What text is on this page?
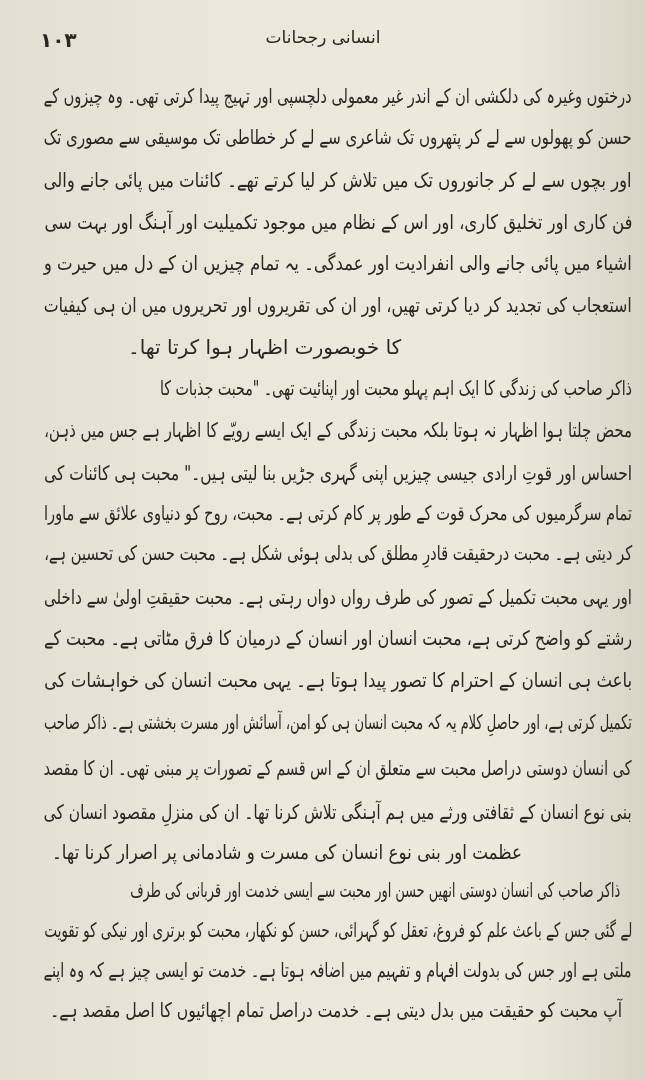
۱۰۳	انسانی رجحانات
درختوں وغیرہ کی دلکشی ان کے اندر غیر معمولی دلچسپی اور تہیج پیدا کرتی تھی۔ وہ چیزوں کے
حسن کو پھولوں سے لے کر پتھروں تک شاعری سے لے کر خطاطی تک موسیقی سے مصوری تک
اور بچوں سے لے کر جانوروں تک میں تلاش کر لیا کرتے تھے۔ کائنات میں پائی جانے والی
فن کاری اور تخلیق کاری، اور اس کے نظام میں موجود تکمیلیت اور آہنگ اور بہت سی
اشیاء میں پائی جانے والی انفرادیت اور عمدگی۔ یہ تمام چیزیں ان کے دل میں حیرت و
استعجاب کی تجدید کر دیا کرتی تھیں، اور ان کی تقریروں اور تحریروں میں ان ہی کیفیات
کا خوبصورت اظہار ہوا کرتا تھا۔
ذاکر صاحب کی زندگی کا ایک اہم پہلو محبت اور اپنائیت تھی۔ "محبت جذبات کا
محض چلتا ہوا اظہار نہ ہوتا بلکہ محبت زندگی کے ایک ایسے رویّے کا اظہار ہے جس میں ذہن،
احساس اور قوتِ ارادی جیسی چیزیں اپنی گہری جڑیں بنا لیتی ہیں۔" محبت ہی کائنات کی
تمام سرگرمیوں کی محرک قوت کے طور پر کام کرتی ہے۔ محبت، روح کو دنیاوی علائق سے ماورا
کر دیتی ہے۔ محبت درحقیقت قادرِ مطلق کی بدلی ہوئی شکل ہے۔ محبت حسن کی تحسین ہے،
اور یہی محبت تکمیل کے تصور کی طرف رواں دواں رہتی ہے۔ محبت حقیقتِ اولیٰ سے داخلی
رشتے کو واضح کرتی ہے، محبت انسان اور انسان کے درمیان کا فرق مٹاتی ہے۔ محبت کے
باعث ہی انسان کے احترام کا تصور پیدا ہوتا ہے۔ یہی محبت انسان کی خواہشات کی
تکمیل کرتی ہے، اور حاصلِ کلام یہ کہ محبت انسان ہی کو امن، آسائش اور مسرت بخشتی ہے۔ ذاکر صاحب
کی انسان دوستی دراصل محبت سے متعلق ان کے اس قسم کے تصورات پر مبنی تھی۔ ان کا مقصد
بنی نوع انسان کے ثقافتی ورثے میں ہم آہنگی تلاش کرنا تھا۔ ان کی منزلِ مقصود انسان کی
عظمت اور بنی نوع انسان کی مسرت و شادمانی پر اصرار کرنا تھا۔
ذاکر صاحب کی انسان دوستی انھیں حسن اور محبت سے ایسی خدمت اور قربانی کی طرف
لے گئی جس کے باعث علم کو فروغ، تعقل کو گہرائی، حسن کو نکھار، محبت کو برتری اور نیکی کو تقویت
ملتی ہے اور جس کی بدولت افہام و تفہیم میں اضافہ ہوتا ہے۔ خدمت تو ایسی چیز ہے کہ وہ اپنے
آپ محبت کو حقیقت میں بدل دیتی ہے۔ خدمت دراصل تمام اچھائیوں کا اصل مقصد ہے۔
